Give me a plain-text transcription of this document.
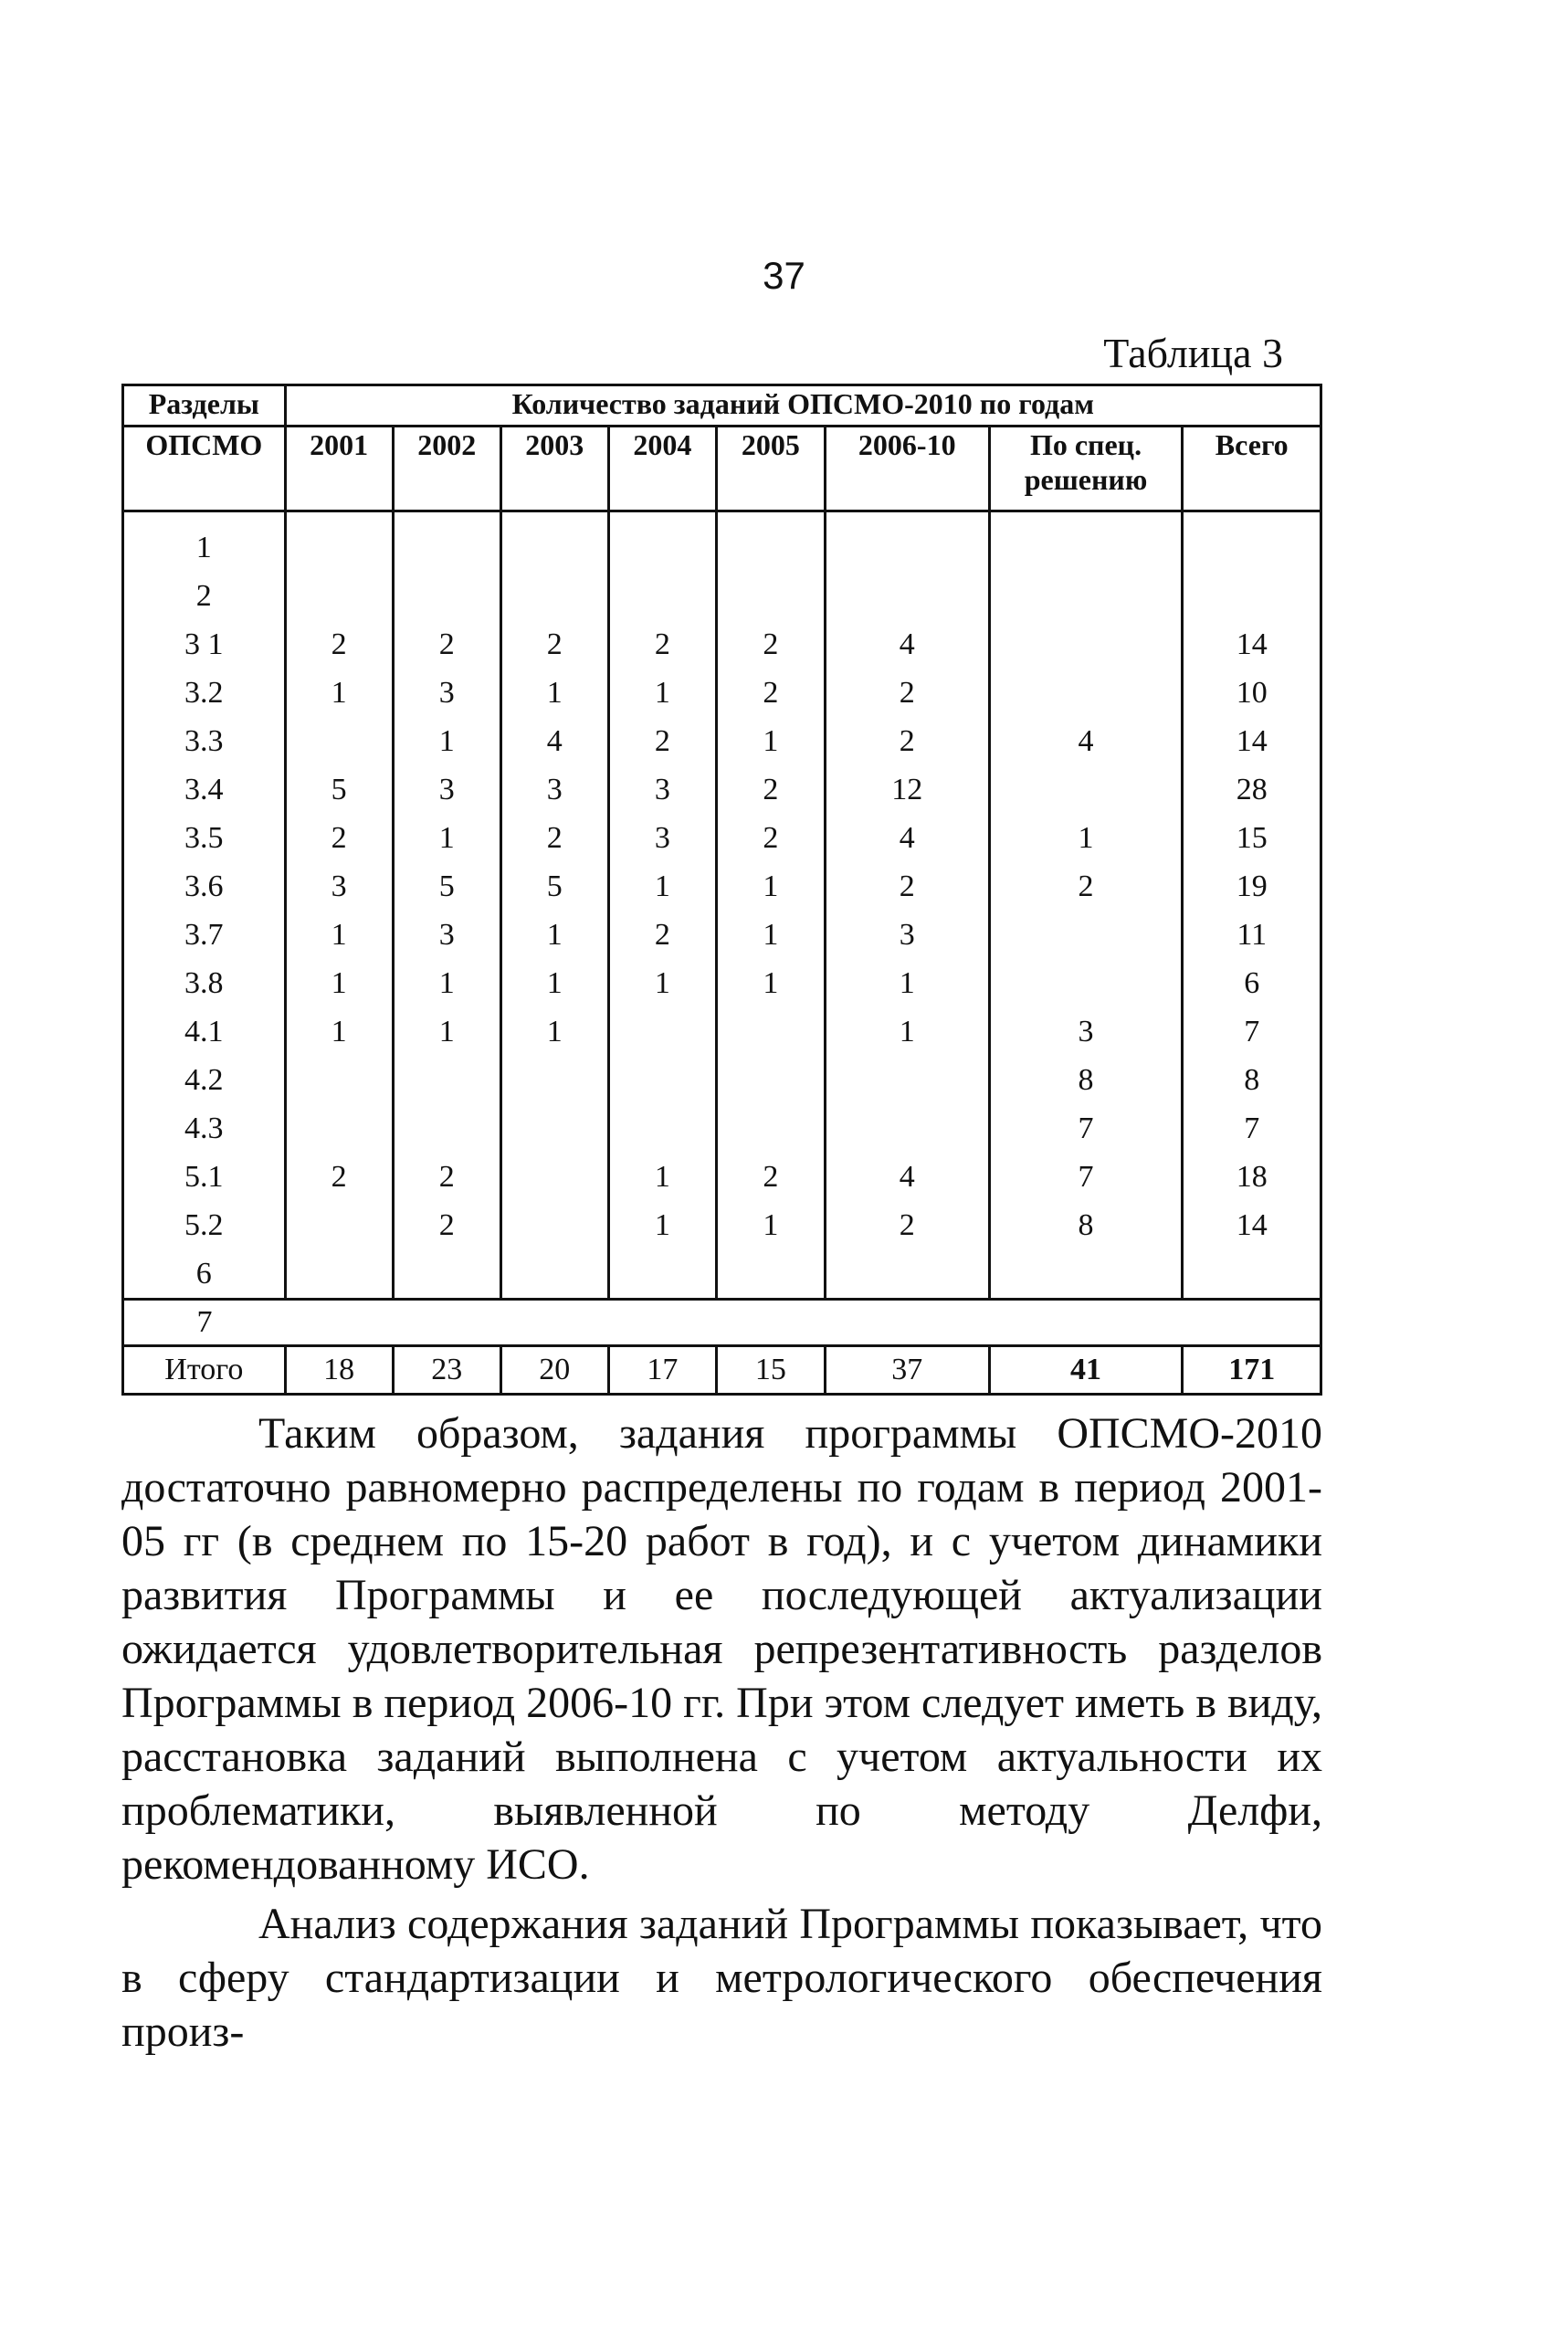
37
Таблица 3
Разделы	Количество заданий ОПСМО-2010 по годам							
ОПСМО	2001	2002	2003	2004	2005	2006-10	По спец. решению	Всего

1								
2								
3 1	2	2	2	2	2	4		14
3.2	1	3	1	1	2	2		10
3.3		1	4	2	1	2	4	14
3.4	5	3	3	3	2	12		28
3.5	2	1	2	3	2	4	1	15
3.6	3	5	5	1	1	2	2	19
3.7	1	3	1	2	1	3		11
3.8	1	1	1	1	1	1		6
4.1	1	1	1			1	3	7
4.2							8	8
4.3							7	7
5.1	2	2		1	2	4	7	18
5.2		2		1	1	2	8	14
6								
7								
Итого	18	23	20	17	15	37	41	171

Таким образом, задания программы ОПСМО-2010 достаточно равномерно распределены по годам в период 2001-05 гг (в среднем по 15-20 работ в год), и с учетом динамики развития Программы и ее последующей актуализации ожидается удовлетворительная репрезентативность разделов Программы в период 2006-10 гг. При этом следует иметь в виду, расстановка заданий выполнена с учетом актуальности их проблематики, выявленной по методу Делфи, рекомендованному ИСО.

Анализ содержания заданий Программы показывает, что в сферу стандартизации и метрологического обеспечения произ-
